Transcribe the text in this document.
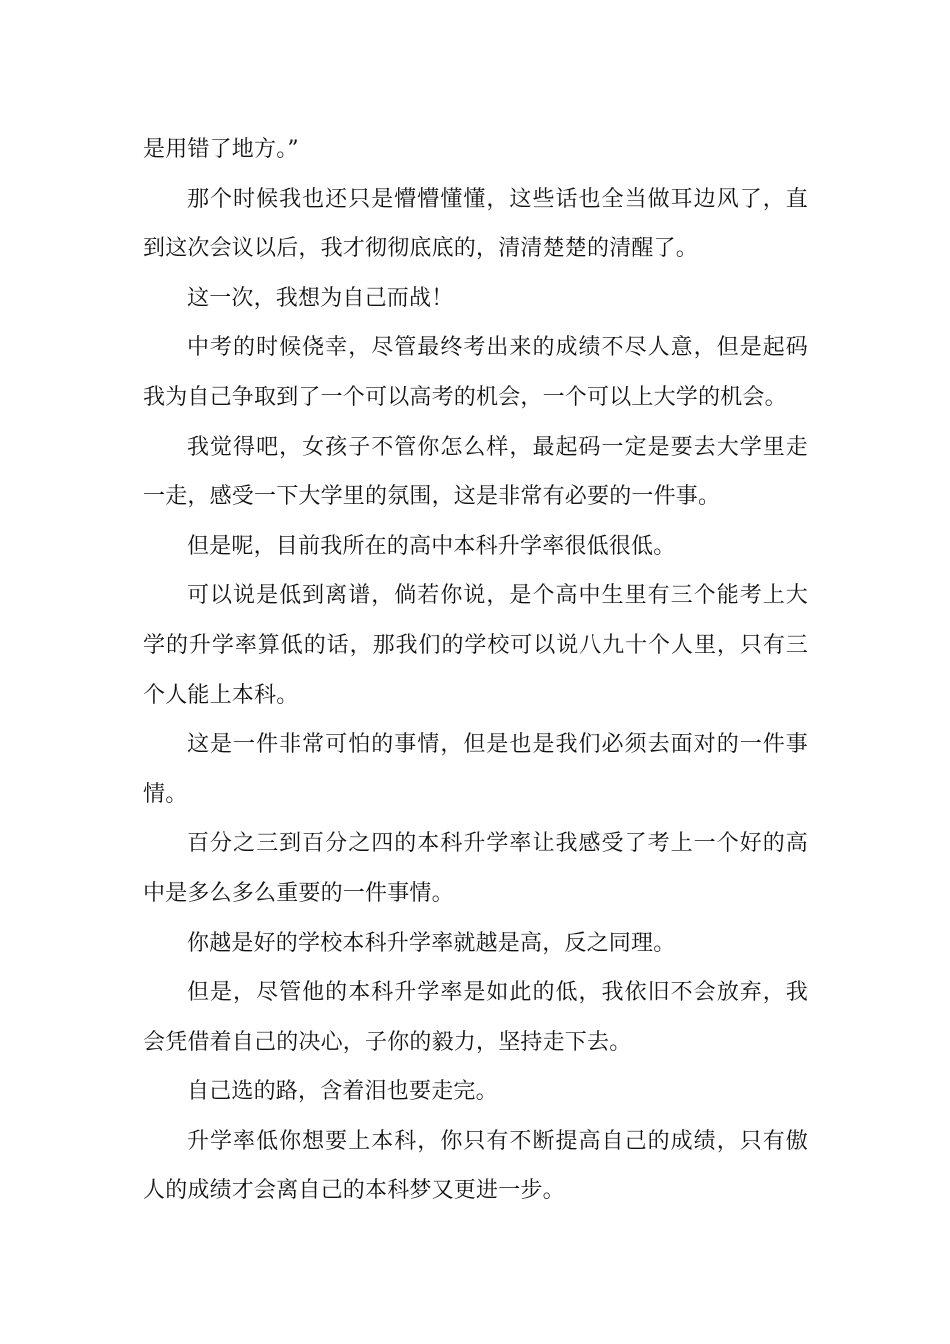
是用错了地方。”

那个时候我也还只是懵懵懂懂，这些话也全当做耳边风了，直到这次会议以后，我才彻彻底底的，清清楚楚的清醒了。

这一次，我想为自己而战！

中考的时候侥幸，尽管最终考出来的成绩不尽人意，但是起码我为自己争取到了一个可以高考的机会，一个可以上大学的机会。

我觉得吧，女孩子不管你怎么样，最起码一定是要去大学里走一走，感受一下大学里的氛围，这是非常有必要的一件事。

但是呢，目前我所在的高中本科升学率很低很低。

可以说是低到离谱，倘若你说，是个高中生里有三个能考上大学的升学率算低的话，那我们的学校可以说八九十个人里，只有三个人能上本科。

这是一件非常可怕的事情，但是也是我们必须去面对的一件事情。

百分之三到百分之四的本科升学率让我感受了考上一个好的高中是多么多么重要的一件事情。

你越是好的学校本科升学率就越是高，反之同理。

但是，尽管他的本科升学率是如此的低，我依旧不会放弃，我会凭借着自己的决心，子你的毅力，坚持走下去。

自己选的路，含着泪也要走完。

升学率低你想要上本科，你只有不断提高自己的成绩，只有傲人的成绩才会离自己的本科梦又更进一步。
